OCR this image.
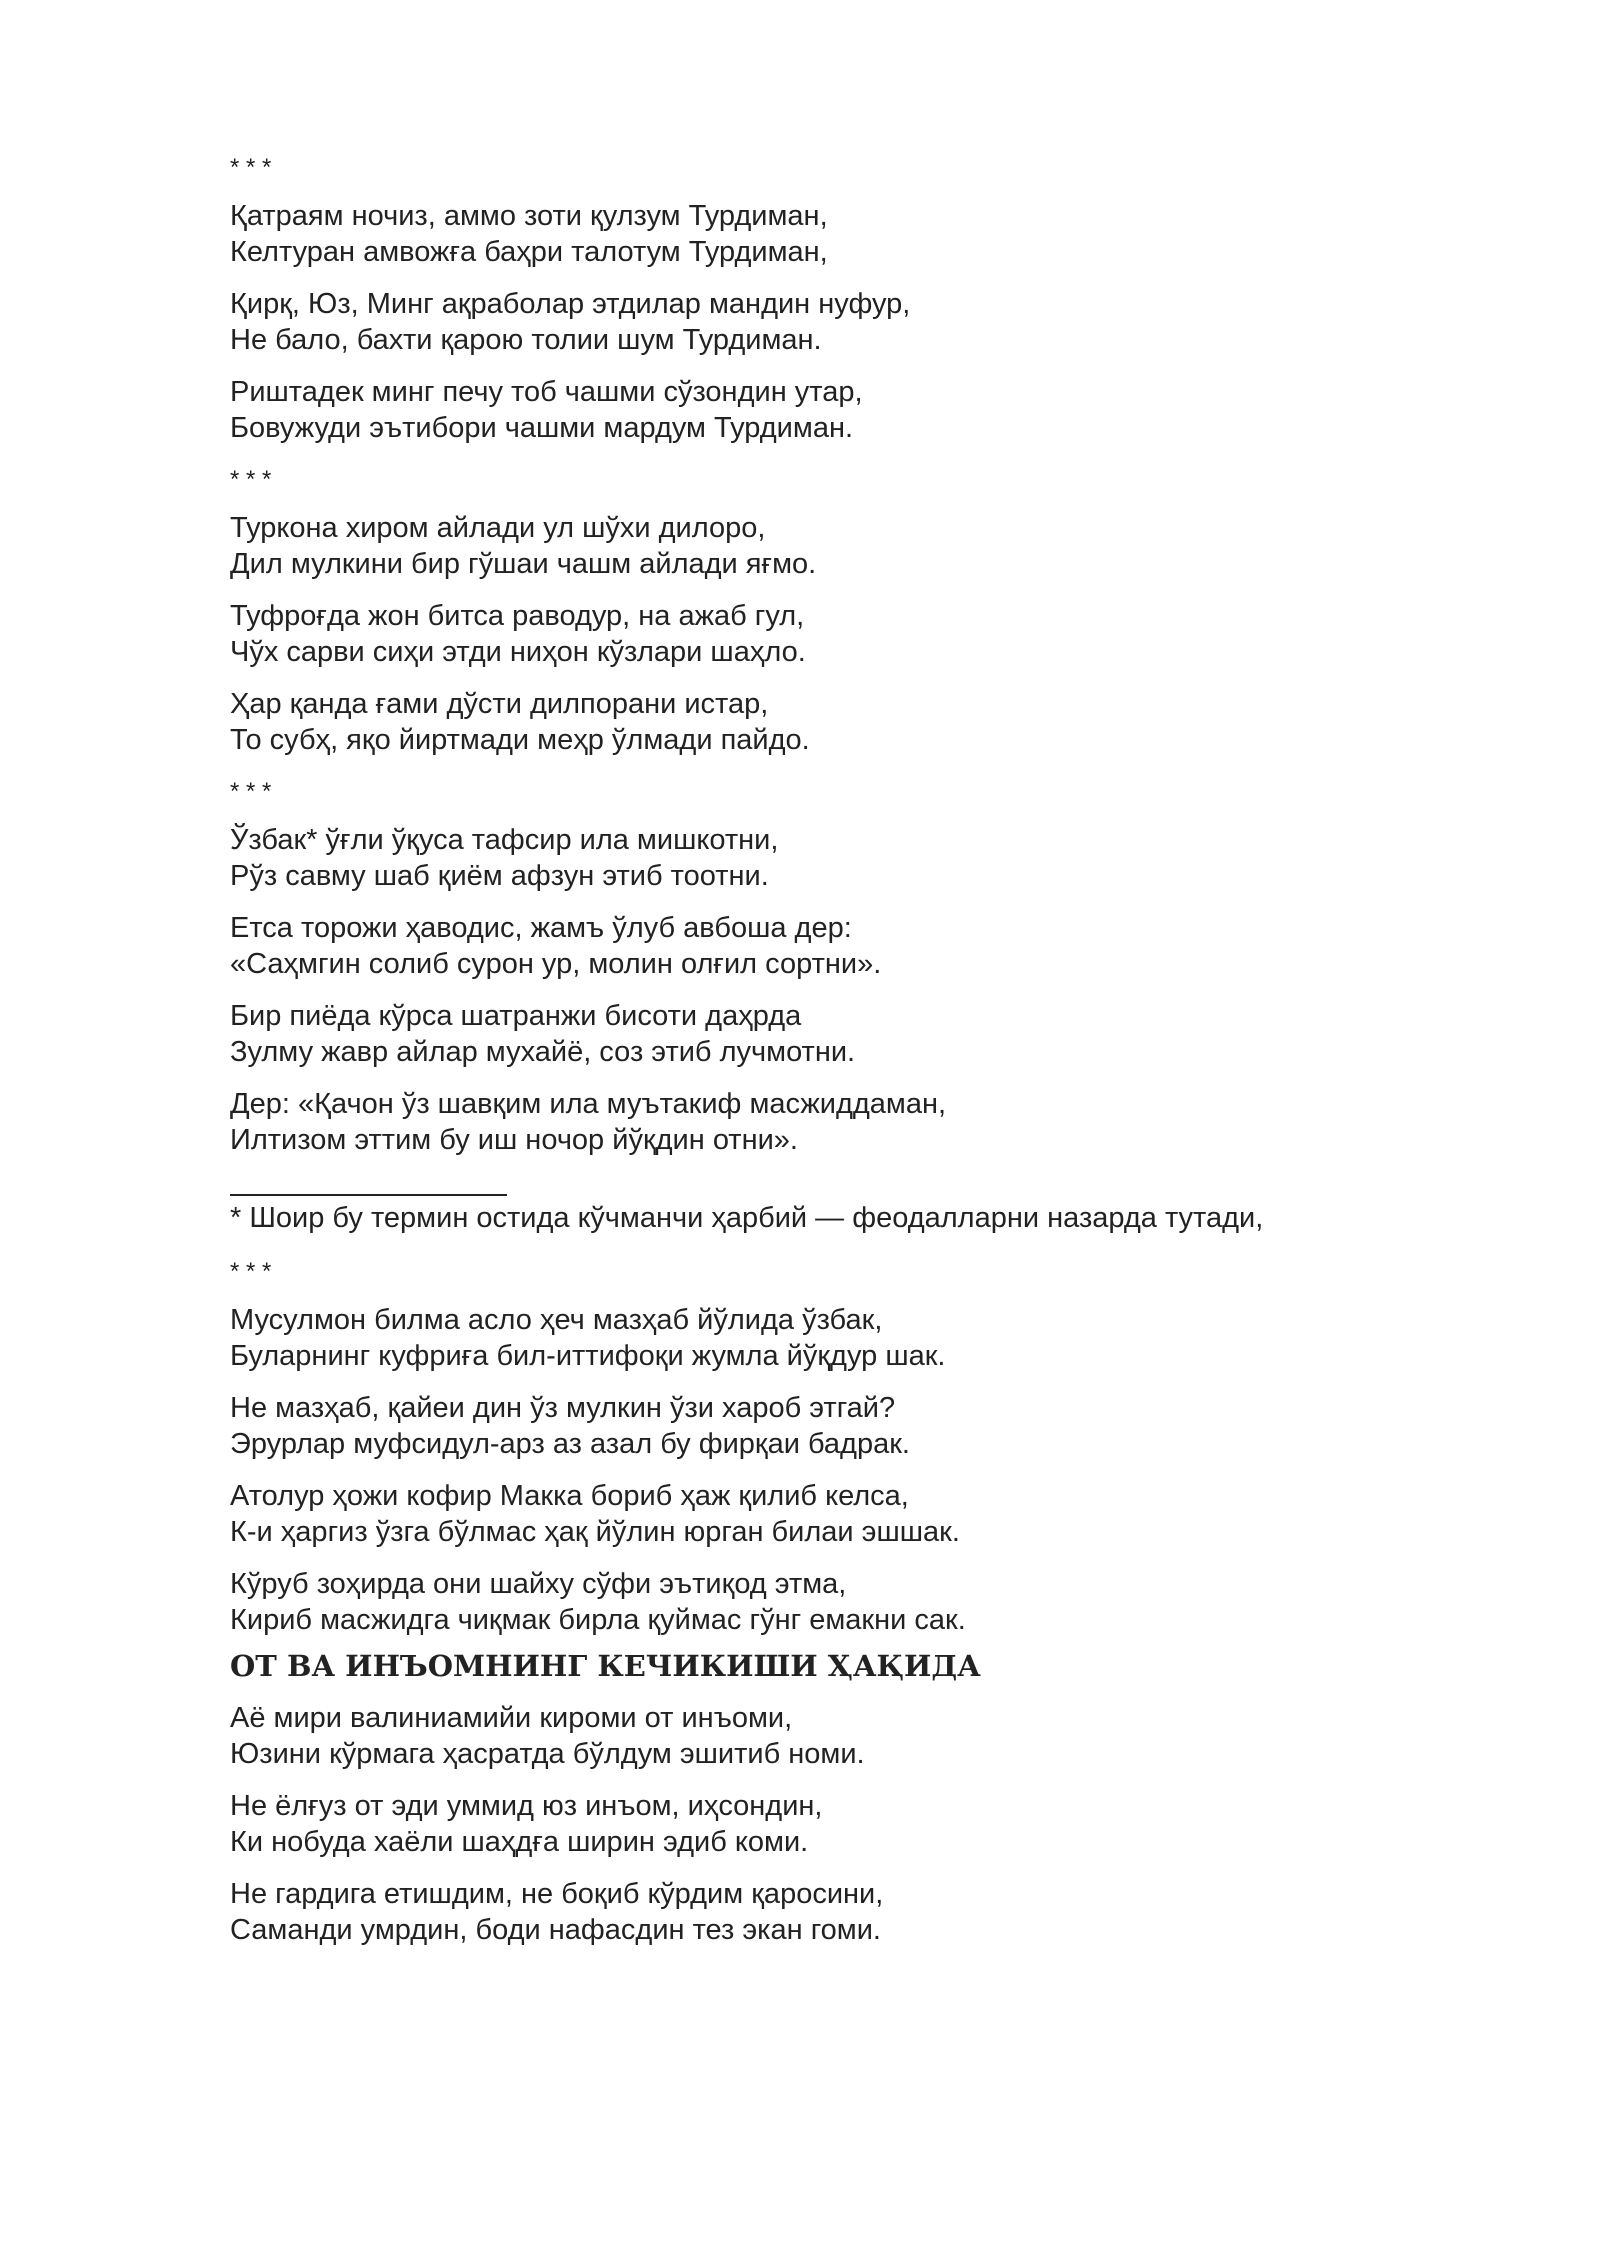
* * *
Қатраям ночиз, аммо зоти қулзум Турдиман,
Келтуран амвожға баҳри талотум Турдиман,
Қирқ, Юз, Минг ақраболар этдилар мандин нуфур,
Не бало, бахти қарою толии шум Турдиман.
Риштадек минг печу тоб чашми сўзондин утар,
Бовужуди эътибори чашми мардум Турдиман.
* * *
Туркона хиром айлади ул шўхи дилоро,
Дил мулкини бир гўшаи чашм айлади яғмо.
Туфроғда жон битса раводур, на ажаб гул,
Чўх сарви сиҳи этди ниҳон кўзлари шаҳло.
Ҳар қанда ғами дўсти дилпорани истар,
То субҳ, яқо йиртмади меҳр ўлмади пайдо.
* * *
Ўзбак* ўғли ўқуса тафсир ила мишкотни,
Рўз савму шаб қиём афзун этиб тоотни.
Етса торожи ҳаводис, жамъ ўлуб авбоша дер:
«Саҳмгин солиб сурон ур, молин олғил сортни».
Бир пиёда кўрса шатранжи бисоти даҳрда
Зулму жавр айлар мухайё, соз этиб лучмотни.
Дер: «Қачон ўз шавқим ила муътакиф масжиддаман,
Илтизом эттим бу иш ночор йўқдин отни».
* Шоир бу термин остида кўчманчи ҳарбий — феодалларни назарда тутади,
* * *
Мусулмон билма асло ҳеч мазҳаб йўлида ўзбак,
Буларнинг куфриға бил-иттифоқи жумла йўқдур шак.
Не мазҳаб, қайеи дин ўз мулкин ўзи хароб этгай?
Эрурлар муфсидул-арз аз азал бу фирқаи бадрак.
Атолур ҳожи кофир Макка бориб ҳаж қилиб келса,
К-и ҳаргиз ўзга бўлмас ҳақ йўлин юрган билаи эшшак.
Кўруб зоҳирда они шайху сўфи эътиқод этма,
Кириб масжидга чиқмак бирла қуймас гўнг емакни сак.
ОТ ВА ИНЪОМНИНГ КЕЧИКИШИ ҲАҚИДА
Аё мири валиниамийи кироми от инъоми,
Юзини кўрмага ҳасратда бўлдум эшитиб номи.
Не ёлғуз от эди уммид юз инъом, иҳсондин,
Ки нобуда хаёли шаҳдға ширин эдиб коми.
Не гардига етишдим, не боқиб кўрдим қаросини,
Саманди умрдин, боди нафасдин тез экан гоми.
